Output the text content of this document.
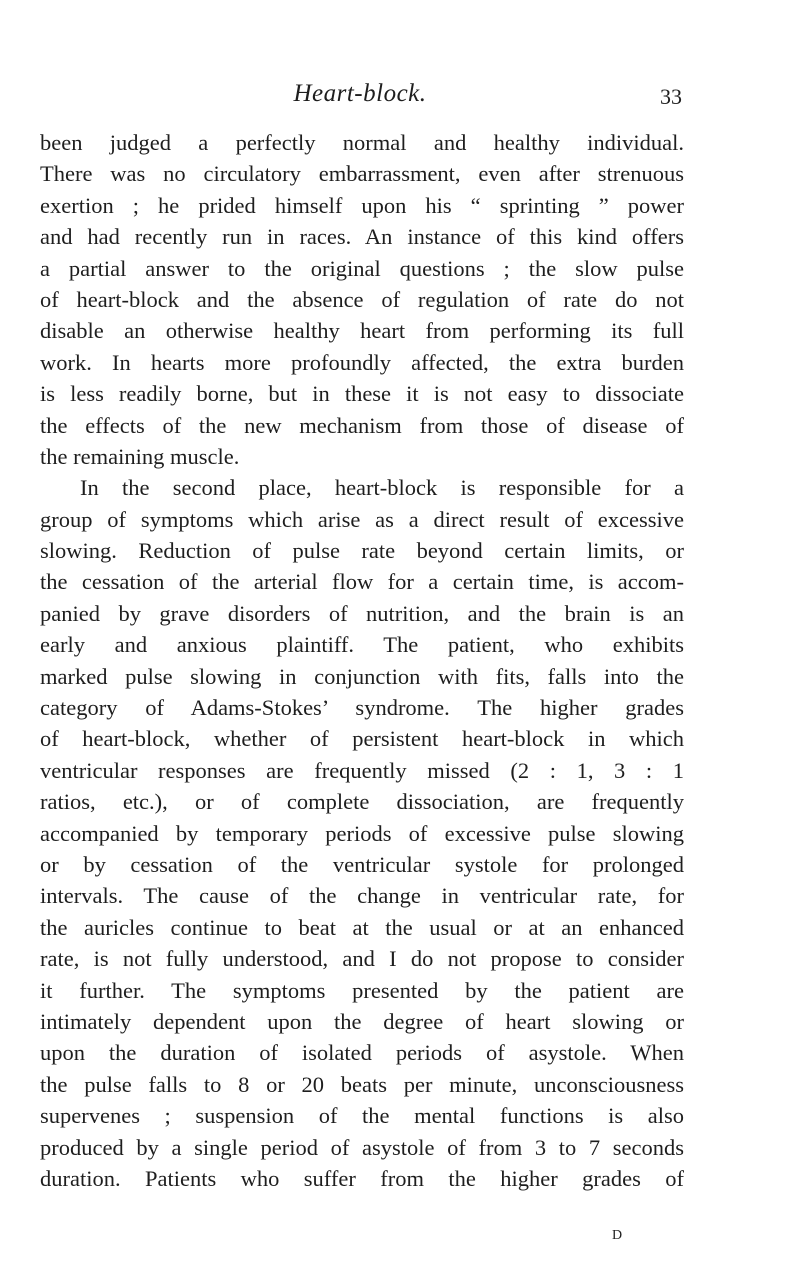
Heart-block.	33
been judged a perfectly normal and healthy individual.
There was no circulatory embarrassment, even after strenuous
exertion ; he prided himself upon his “ sprinting ” power
and had recently run in races. An instance of this kind offers
a partial answer to the original questions ; the slow pulse
of heart-block and the absence of regulation of rate do not
disable an otherwise healthy heart from performing its full
work. In hearts more profoundly affected, the extra burden
is less readily borne, but in these it is not easy to dissociate
the effects of the new mechanism from those of disease of
the remaining muscle.
In the second place, heart-block is responsible for a
group of symptoms which arise as a direct result of excessive
slowing. Reduction of pulse rate beyond certain limits, or
the cessation of the arterial flow for a certain time, is accom-
panied by grave disorders of nutrition, and the brain is an
early and anxious plaintiff. The patient, who exhibits
marked pulse slowing in conjunction with fits, falls into the
category of Adams-Stokes’ syndrome. The higher grades
of heart-block, whether of persistent heart-block in which
ventricular responses are frequently missed (2 : 1, 3 : 1
ratios, etc.), or of complete dissociation, are frequently
accompanied by temporary periods of excessive pulse slowing
or by cessation of the ventricular systole for prolonged
intervals. The cause of the change in ventricular rate, for
the auricles continue to beat at the usual or at an enhanced
rate, is not fully understood, and I do not propose to consider
it further. The symptoms presented by the patient are
intimately dependent upon the degree of heart slowing or
upon the duration of isolated periods of asystole. When
the pulse falls to 8 or 20 beats per minute, unconsciousness
supervenes ; suspension of the mental functions is also
produced by a single period of asystole of from 3 to 7 seconds
duration. Patients who suffer from the higher grades of
D
